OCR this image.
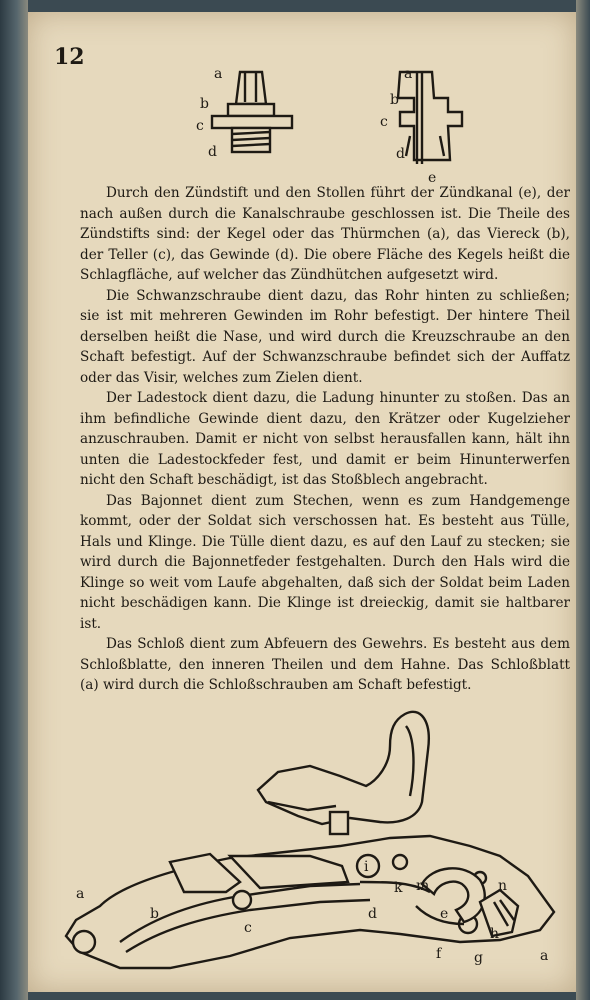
12
a
b
c
d
a
b
c
d
e

Durch den Zündstift und den Stollen führt der Zündkanal (e), der nach außen durch die Kanalschraube geschlossen ist. Die Theile des Zündstifts sind: der Kegel oder das Thürmchen (a), das Viereck (b), der Teller (c), das Gewinde (d). Die obere Fläche des Kegels heißt die Schlagfläche, auf welcher das Zündhütchen aufgesetzt wird.

Die Schwanzschraube dient dazu, das Rohr hinten zu schließen; sie ist mit mehreren Gewinden im Rohr befestigt. Der hintere Theil derselben heißt die Nase, und wird durch die Kreuzschraube an den Schaft befestigt. Auf der Schwanzschraube befindet sich der Auffatz oder das Visir, welches zum Zielen dient.

Der Ladestock dient dazu, die Ladung hinunter zu stoßen. Das an ihm befindliche Gewinde dient dazu, den Krätzer oder Kugelzieher anzuschrauben. Damit er nicht von selbst herausfallen kann, hält ihn unten die Ladestockfeder fest, und damit er beim Hinunterwerfen nicht den Schaft beschädigt, ist das Stoßblech angebracht.

Das Bajonnet dient zum Stechen, wenn es zum Handgemenge kommt, oder der Soldat sich verschossen hat. Es besteht aus Tülle, Hals und Klinge. Die Tülle dient dazu, es auf den Lauf zu stecken; sie wird durch die Bajonnetfeder festgehalten. Durch den Hals wird die Klinge so weit vom Laufe abgehalten, daß sich der Soldat beim Laden nicht beschädigen kann. Die Klinge ist dreieckig, damit sie haltbarer ist.

Das Schloß dient zum Abfeuern des Gewehrs. Es besteht aus dem Schloßblatte, den inneren Theilen und dem Hahne. Das Schloßblatt (a) wird durch die Schloßschrauben am Schaft befestigt.

a
b
c
i
k m
e
d
f g
h
n
a
